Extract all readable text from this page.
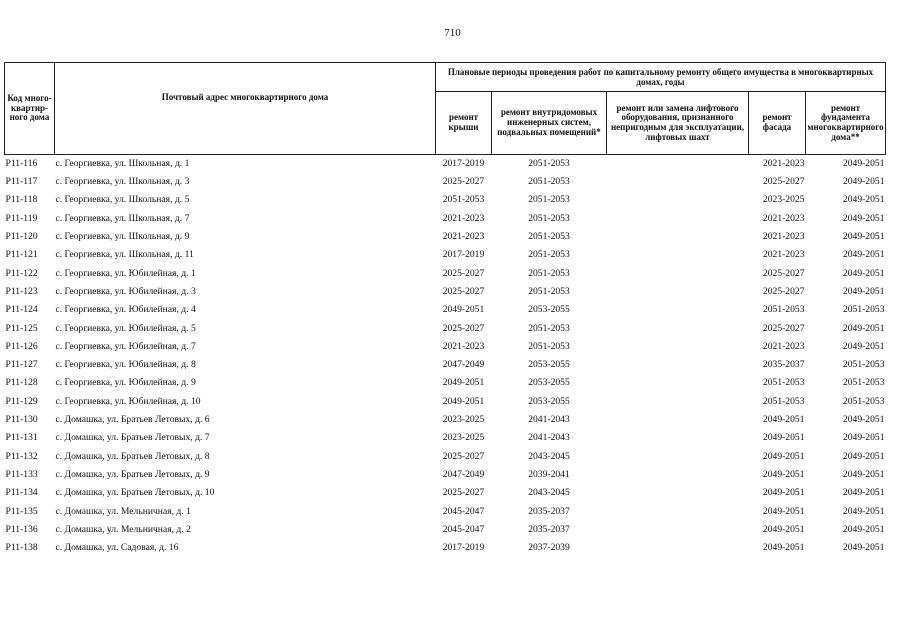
710
Код много-квартир-ного дома	Почтовый адрес многоквартирного дома	Плановые периоды проведения работ по капитальному ремонту общего имущества в многоквартирных домах, годы				
		ремонт крыши	ремонт внутридомовых инженерных систем, подвальных помещений*	ремонт или замена лифтового оборудования, признанного непригодным для эксплуатации, лифтовых шахт	ремонт фасада	ремонт фундамента многоквартирного дома**
Р11-116	с. Георгиевка, ул. Школьная, д. 1	2017-2019	2051-2053		2021-2023	2049-2051
Р11-117	с. Георгиевка, ул. Школьная, д. 3	2025-2027	2051-2053		2025-2027	2049-2051
Р11-118	с. Георгиевка, ул. Школьная, д. 5	2051-2053	2051-2053		2023-2025	2049-2051
Р11-119	с. Георгиевка, ул. Школьная, д. 7	2021-2023	2051-2053		2021-2023	2049-2051
Р11-120	с. Георгиевка, ул. Школьная, д. 9	2021-2023	2051-2053		2021-2023	2049-2051
Р11-121	с. Георгиевка, ул. Школьная, д. 11	2017-2019	2051-2053		2021-2023	2049-2051
Р11-122	с. Георгиевка, ул. Юбилейная, д. 1	2025-2027	2051-2053		2025-2027	2049-2051
Р11-123	с. Георгиевка, ул. Юбилейная, д. 3	2025-2027	2051-2053		2025-2027	2049-2051
Р11-124	с. Георгиевка, ул. Юбилейная, д. 4	2049-2051	2053-2055		2051-2053	2051-2053
Р11-125	с. Георгиевка, ул. Юбилейная, д. 5	2025-2027	2051-2053		2025-2027	2049-2051
Р11-126	с. Георгиевка, ул. Юбилейная, д. 7	2021-2023	2051-2053		2021-2023	2049-2051
Р11-127	с. Георгиевка, ул. Юбилейная, д. 8	2047-2049	2053-2055		2035-2037	2051-2053
Р11-128	с. Георгиевка, ул. Юбилейная, д. 9	2049-2051	2053-2055		2051-2053	2051-2053
Р11-129	с. Георгиевка, ул. Юбилейная, д. 10	2049-2051	2053-2055		2051-2053	2051-2053
Р11-130	с. Домашка, ул. Братьев Летовых, д. 6	2023-2025	2041-2043		2049-2051	2049-2051
Р11-131	с. Домашка, ул. Братьев Летовых, д. 7	2023-2025	2041-2043		2049-2051	2049-2051
Р11-132	с. Домашка, ул. Братьев Летовых, д. 8	2025-2027	2043-2045		2049-2051	2049-2051
Р11-133	с. Домашка, ул. Братьев Летовых, д. 9	2047-2049	2039-2041		2049-2051	2049-2051
Р11-134	с. Домашка, ул. Братьев Летовых, д. 10	2025-2027	2043-2045		2049-2051	2049-2051
Р11-135	с. Домашка, ул. Мельничная, д. 1	2045-2047	2035-2037		2049-2051	2049-2051
Р11-136	с. Домашка, ул. Мельничная, д. 2	2045-2047	2035-2037		2049-2051	2049-2051
Р11-138	с. Домашка, ул. Садовая, д. 16	2017-2019	2037-2039		2049-2051	2049-2051
